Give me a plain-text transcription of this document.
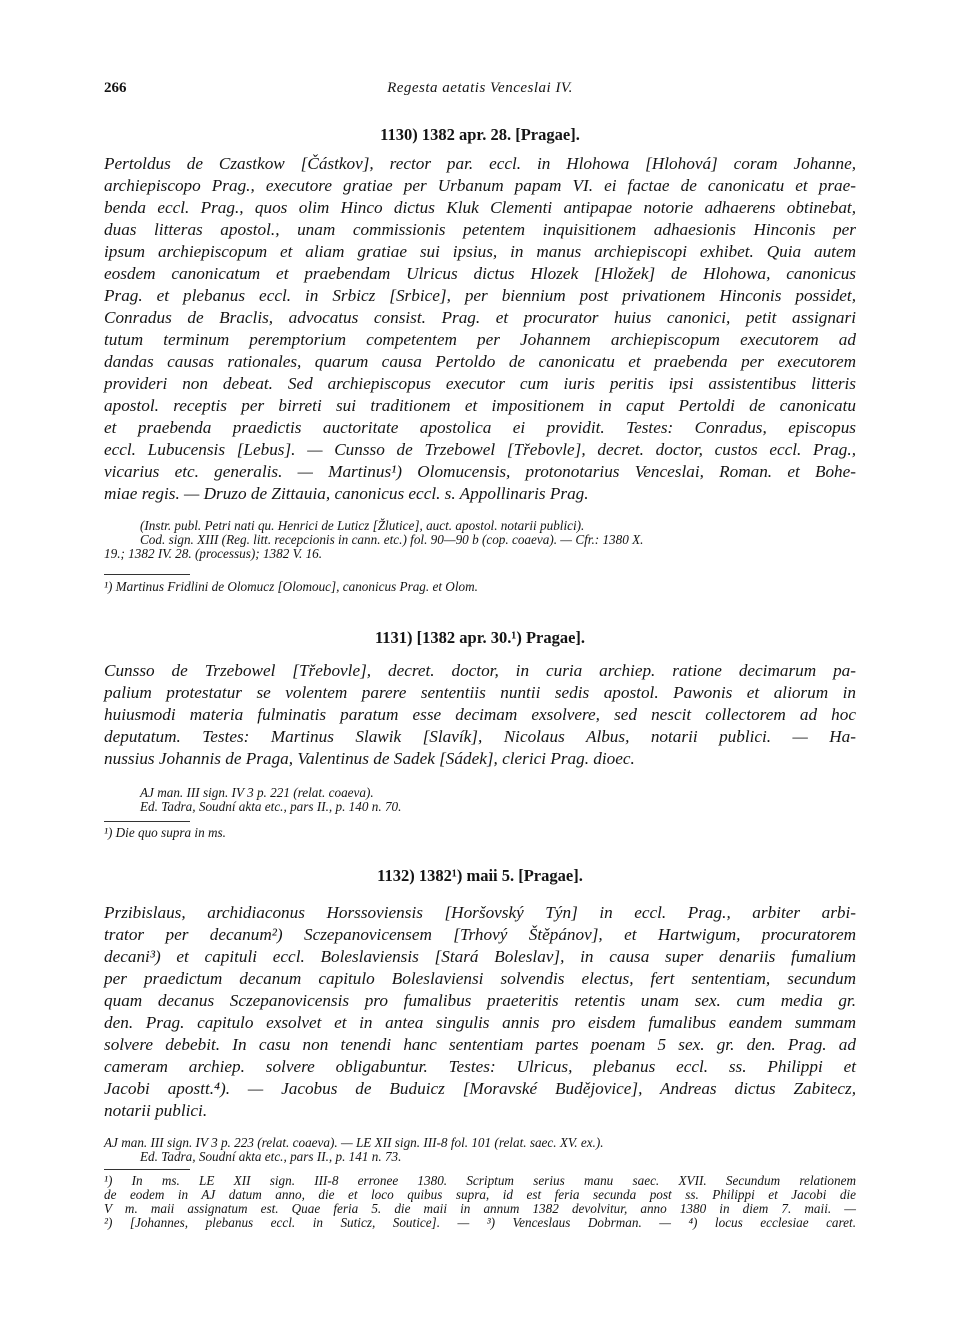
266	Regesta aetatis Venceslai IV.
1130) 1382 apr. 28. [Pragae].
Pertoldus de Czastkow [Částkov], rector par. eccl. in Hlohowa [Hlohová] coram Johanne,
archiepiscopo Prag., executore gratiae per Urbanum papam VI. ei factae de canonicatu et prae-
benda eccl. Prag., quos olim Hinco dictus Kluk Clementi antipapae notorie adhaerens obtinebat,
duas litteras apostol., unam commissionis petentem inquisitionem adhaesionis Hinconis per
ipsum archiepiscopum et aliam gratiae sui ipsius, in manus archiepiscopi exhibet. Quia autem
eosdem canonicatum et praebendam Ulricus dictus Hlozek [Hložek] de Hlohowa, canonicus
Prag. et plebanus eccl. in Srbicz [Srbice], per biennium post privationem Hinconis possidet,
Conradus de Braclis, advocatus consist. Prag. et procurator huius canonici, petit assignari
tutum terminum peremptorium competentem per Johannem archiepiscopum executorem ad
dandas causas rationales, quarum causa Pertoldo de canonicatu et praebenda per executorem
provideri non debeat. Sed archiepiscopus executor cum iuris peritis ipsi assistentibus litteris
apostol. receptis per birreti sui traditionem et impositionem in caput Pertoldi de canonicatu
et praebenda praedictis auctoritate apostolica ei providit. Testes: Conradus, episcopus
eccl. Lubucensis [Lebus]. — Cunsso de Trzebowel [Třebovle], decret. doctor, custos eccl. Prag.,
vicarius etc. generalis. — Martinus¹) Olomucensis, protonotarius Venceslai, Roman. et Bohe-
miae regis. — Druzo de Zittauia, canonicus eccl. s. Appollinaris Prag.
(Instr. publ. Petri nati qu. Henrici de Luticz [Žlutice], auct. apostol. notarii publici).
Cod. sign. XIII (Reg. litt. recepcionis in cann. etc.) fol. 90—90 b (cop. coaeva). — Cfr.: 1380 X.
19.; 1382 IV. 28. (processus); 1382 V. 16.
¹) Martinus Fridlini de Olomucz [Olomouc], canonicus Prag. et Olom.
1131) [1382 apr. 30.¹) Pragae].
Cunsso de Trzebowel [Třebovle], decret. doctor, in curia archiep. ratione decimarum pa-
palium protestatur se volentem parere sententiis nuntii sedis apostol. Pawonis et aliorum in
huiusmodi materia fulminatis paratum esse decimam exsolvere, sed nescit collectorem ad hoc
deputatum. Testes: Martinus Slawik [Slavík], Nicolaus Albus, notarii publici. — Ha-
nussius Johannis de Praga, Valentinus de Sadek [Sádek], clerici Prag. dioec.
AJ man. III sign. IV 3 p. 221 (relat. coaeva).
Ed. Tadra, Soudní akta etc., pars II., p. 140 n. 70.
¹) Die quo supra in ms.
1132) 1382¹) maii 5. [Pragae].
Przibislaus, archidiaconus Horssoviensis [Horšovský Týn] in eccl. Prag., arbiter arbi-
trator per decanum²) Sczepanovicensem [Trhový Štěpánov], et Hartwigum, procuratorem
decani³) et capituli eccl. Boleslaviensis [Stará Boleslav], in causa super denariis fumalium
per praedictum decanum capitulo Boleslaviensi solvendis electus, fert sententiam, secundum
quam decanus Sczepanovicensis pro fumalibus praeteritis retentis unam sex. cum media gr.
den. Prag. capitulo exsolvet et in antea singulis annis pro eisdem fumalibus eandem summam
solvere debebit. In casu non tenendi hanc sententiam partes poenam 5 sex. gr. den. Prag. ad
cameram archiep. solvere obligabuntur. Testes: Ulricus, plebanus eccl. ss. Philippi et
Jacobi apostt.⁴). — Jacobus de Buduicz [Moravské Budějovice], Andreas dictus Zabitecz,
notarii publici.
AJ man. III sign. IV 3 p. 223 (relat. coaeva). — LE XII sign. III-8 fol. 101 (relat. saec. XV. ex.).
Ed. Tadra, Soudní akta etc., pars II., p. 141 n. 73.
¹) In ms. LE XII sign. III-8 erronee 1380. Scriptum serius manu saec. XVII. Secundum relationem
de eodem in AJ datum anno, die et loco quibus supra, id est feria secunda post ss. Philippi et Jacobi die
V m. maii assignatum est. Quae feria 5. die maii in annum 1382 devolvitur, anno 1380 in diem 7. maii. —
²) [Johannes, plebanus eccl. in Suticz, Soutice]. — ³) Venceslaus Dobrman. — ⁴) locus ecclesiae caret.
